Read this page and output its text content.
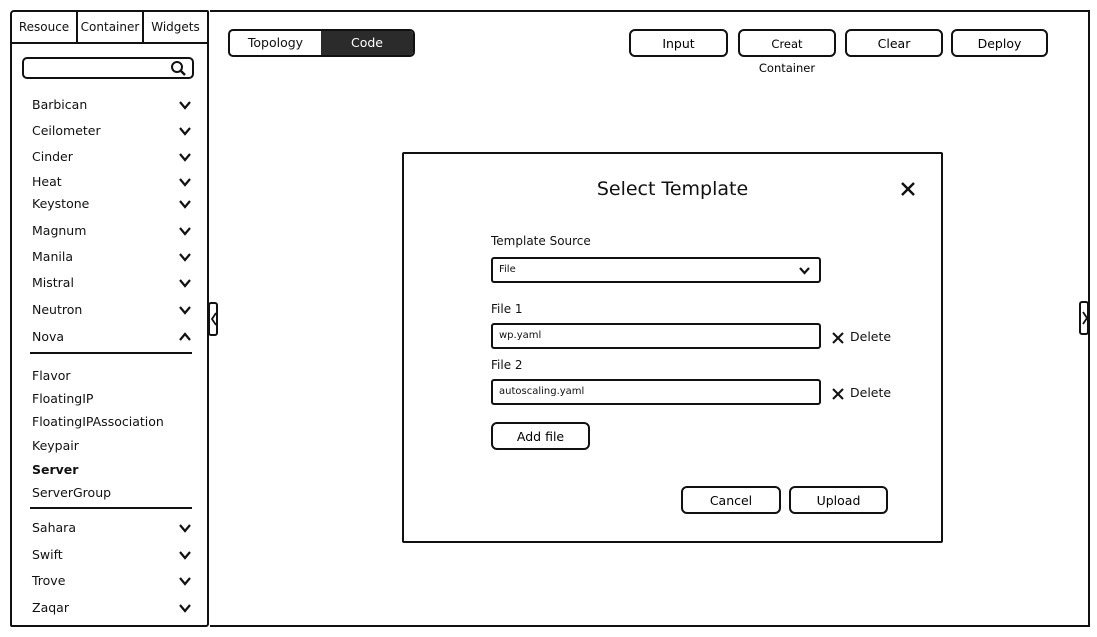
Resouce Container Widgets
Barbican
Ceilometer
Cinder
Heat
Keystone
Magnum
Manila
Mistral
Neutron
Nova
Flavor
FloatingIP
FloatingIPAssociation
Keypair
Server
ServerGroup
Sahara
Swift
Trove
Zaqar
Topology	Code	Input	Creat Container
Clear	Deploy
Select Template
Template Source
File
File 1
wp.yaml	Delete
File 2
autoscaling.yaml	Delete
Add file
Cancel	Upload
